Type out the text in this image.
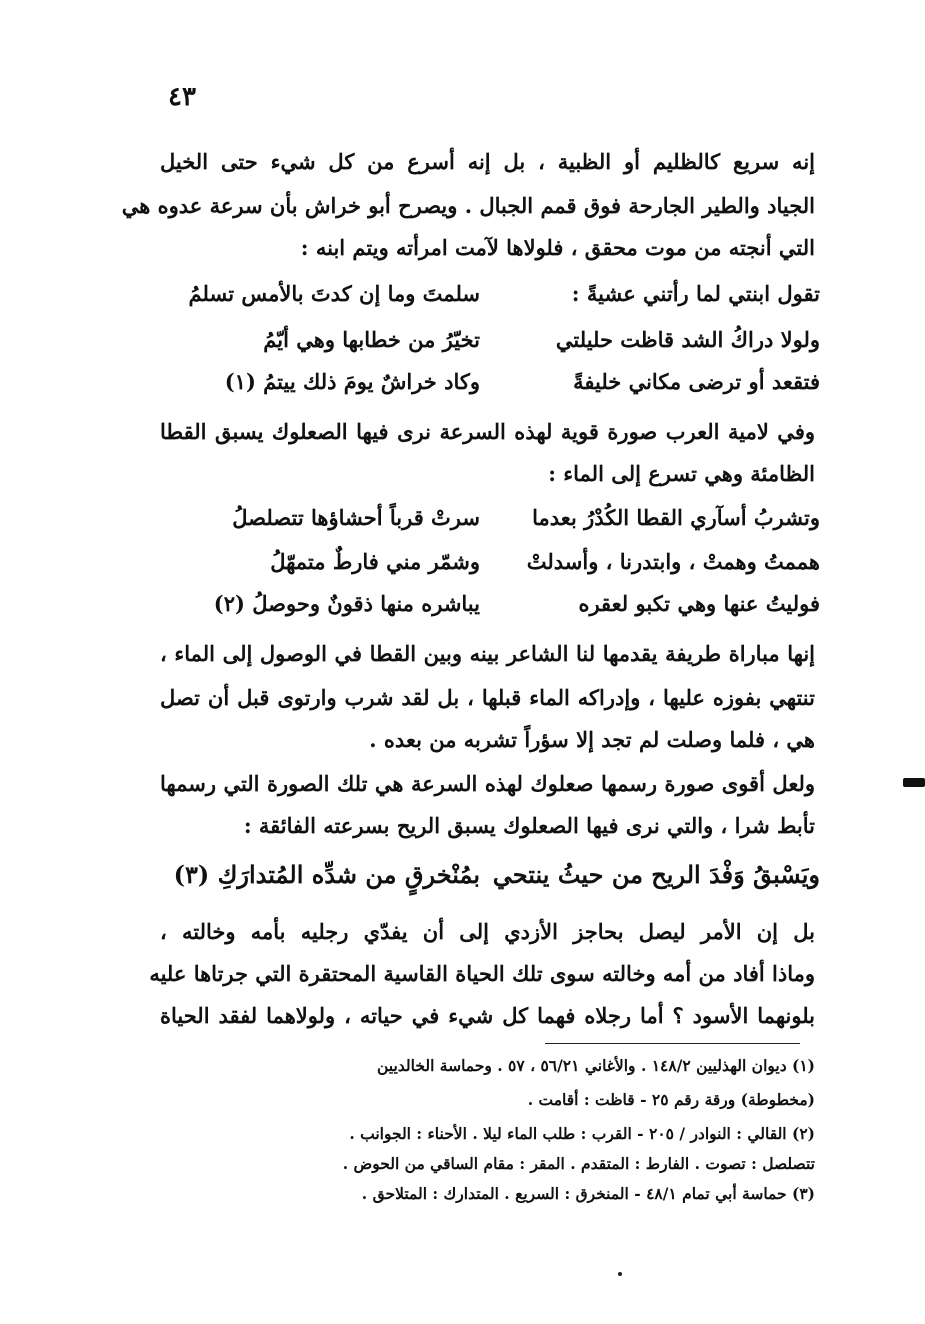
٤٣
إنه سريع كالظليم أو الظبية ، بل إنه أسرع من كل شيء حتى الخيل
الجياد والطير الجارحة فوق قمم الجبال . ويصرح أبو خراش بأن سرعة عدوه هي
التي أنجته من موت محقق ، فلولاها لآمت امرأته ويتم ابنه :
تقول ابنتي لما رأتني عشيةً :
سلمتَ وما إن كدتَ بالأمس تسلمُ
ولولا دراكُ الشد قاظت حليلتي
تخيّرُ من خطابها وهي أيّمُ
فتقعد أو ترضى مكاني خليفةً
وكاد خراشٌ يومَ ذلك ييتمُ (١)
وفي لامية العرب صورة قوية لهذه السرعة نرى فيها الصعلوك يسبق القطا
الظامئة وهي تسرع إلى الماء :
وتشربُ أسآري القطا الكُدْرُ بعدما
سرتْ قرباً أحشاؤها تتصلصلُ
هممتُ وهمتْ ، وابتدرنا ، وأسدلتْ
وشمّر مني فارطٌ متمهّلُ
فوليتُ عنها وهي تكبو لعقره
يباشره منها ذقونٌ وحوصلُ (٢)
إنها مباراة طريفة يقدمها لنا الشاعر بينه وبين القطا في الوصول إلى الماء ،
تنتهي بفوزه عليها ، وإدراكه الماء قبلها ، بل لقد شرب وارتوى قبل أن تصل
هي ، فلما وصلت لم تجد إلا سؤراً تشربه من بعده .
ولعل أقوى صورة رسمها صعلوك لهذه السرعة هي تلك الصورة التي رسمها
تأبط شرا ، والتي نرى فيها الصعلوك يسبق الريح بسرعته الفائقة :
ويَسْبقُ وَفْدَ الريح من حيثُ ينتحي
بمُنْخرقٍ من شدِّه المُتدارَكِ (٣)
بل إن الأمر ليصل بحاجز الأزدي إلى أن يفدّي رجليه بأمه وخالته ،
وماذا أفاد من أمه وخالته سوى تلك الحياة القاسية المحتقرة التي جرتاها عليه
بلونهما الأسود ؟ أما رجلاه فهما كل شيء في حياته ، ولولاهما لفقد الحياة
(١) ديوان الهذليين ١٤٨/٢ . والأغاني ٥٦/٢١ ، ٥٧ . وحماسة الخالديين
(مخطوطة) ورقة رقم ٢٥ - قاظت : أقامت .
(٢) القالي : النوادر / ٢٠٥ - القرب : طلب الماء ليلا . الأحناء : الجوانب .
تتصلصل : تصوت . الفارط : المتقدم . المقر : مقام الساقي من الحوض .
(٣) حماسة أبي تمام ٤٨/١ - المنخرق : السريع . المتدارك : المتلاحق .
